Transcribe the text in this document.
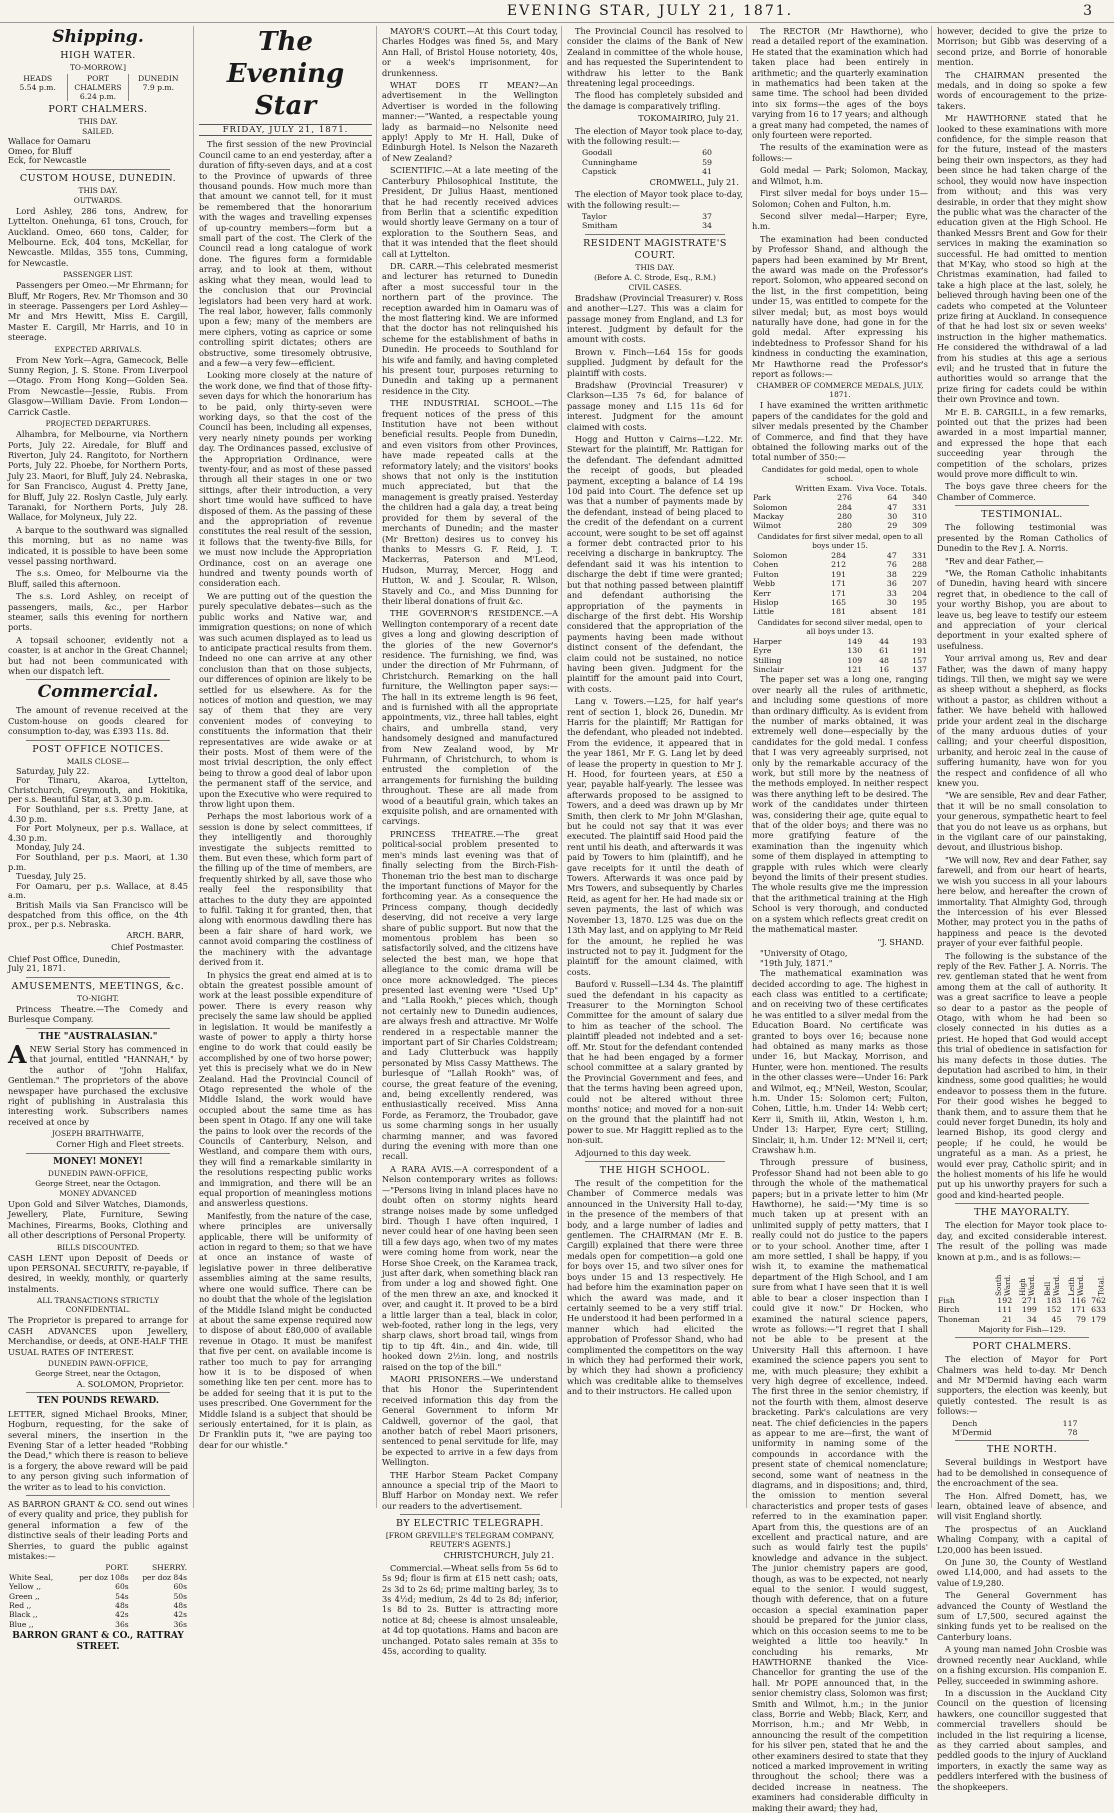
EVENING STAR, JULY 21, 1871.	3
Shipping.
HIGH WATER.
TO-MORROW.]
HEADS
5.54 p.m.
PORT CHALMERS
6.24 p.m.
DUNEDIN
7.9 p.m.
PORT CHALMERS.
THIS DAY.
SAILED.

Wallace for Oamaru

Omeo, for Bluff

Eck, for Newcastle

CUSTOM HOUSE, DUNEDIN.
THIS DAY.
OUTWARDS.

Lord Ashley, 286 tons, Andrew, for Lyttelton. Onehunga, 61 tons, Crouch, for Auckland. Omeo, 660 tons, Calder, for Melbourne. Eck, 404 tons, McKellar, for Newcastle. Mildas, 355 tons, Cumming, for Newcastle.

PASSENGER LIST.

Passengers per Omeo.—Mr Ehrmann; for Bluff, Mr Rogers, Rev. Mr Thomson and 30 in steerage. Passengers per Lord Ashley—Mr and Mrs Hewitt, Miss E. Cargill, Master E. Cargill, Mr Harris, and 10 in steerage.

EXPECTED ARRIVALS.

From New York—Agra, Gamecock, Belle Sunny Region, J. S. Stone. From Liverpool—Otago. From Hong Kong—Golden Sea. From Newcastle—Jessie, Rubis. From Glasgow—William Davie. From London—Carrick Castle.

PROJECTED DEPARTURES.

Alhambra, for Melbourne, via Northern Ports, July 22. Airedale, for Bluff and Riverton, July 24. Rangitoto, for Northern Ports, July 22. Phoebe, for Northern Ports, July 23. Maori, for Bluff, July 24. Nebraska, for San Francisco, August 4. Pretty Jane, for Bluff, July 22. Roslyn Castle, July early. Taranaki, for Northern Ports, July 28. Wallace, for Molyneux, July 22.

A barque to the southward was signalled this morning, but as no name was indicated, it is possible to have been some vessel passing northward.

The s.s. Omeo, for Melbourne via the Bluff, sailed this afternoon.

The s.s. Lord Ashley, on receipt of passengers, mails, &c., per Harbor steamer, sails this evening for northern ports.

A topsail schooner, evidently not a coaster, is at anchor in the Great Channel; but had not been communicated with when our dispatch left.

Commercial.

The amount of revenue received at the Custom-house on goods cleared for consumption to-day, was £393 11s. 8d.

POST OFFICE NOTICES.
MAILS CLOSE—

Saturday, July 22.

For Timaru, Akaroa, Lyttelton, Christchurch, Greymouth, and Hokitika, per s.s. Beautiful Star, at 3.30 p.m.

For Southland, per s.s. Pretty Jane, at 4.30 p.m.

For Port Molyneux, per p.s. Wallace, at 4.30 p.m.

Monday, July 24.

For Southland, per p.s. Maori, at 1.30 p.m.

Tuesday, July 25.

For Oamaru, per p.s. Wallace, at 8.45 a.m.

British Mails via San Francisco will be despatched from this office, on the 4th prox., per p.s. Nebraska.

ARCH. BARR,
Chief Postmaster.

Chief Post Office, Dunedin,

July 21, 1871.

AMUSEMENTS, MEETINGS, &c.
TO-NIGHT.

Princess Theatre.—The Comedy and Burlesque Company.

THE "AUSTRALASIAN."

ANEW Serial Story has commenced in that journal, entitled "HANNAH," by the author of "John Halifax, Gentleman." The proprietors of the above newspaper have purchased the exclusive right of publishing in Australasia this interesting work. Subscribers names received at once by

JOSEPH BRAITHWAITE,
Corner High and Fleet streets.
MONEY! MONEY!
DUNEDIN PAWN-OFFICE,
George Street, near the Octagon.
MONEY ADVANCED

Upon Gold and Silver Watches, Diamonds, Jewellery, Plate, Furniture, Sewing Machines, Firearms, Books, Clothing and all other descriptions of Personal Property.

BILLS DISCOUNTED.

CASH LENT upon Deposit of Deeds or upon PERSONAL SECURITY, re-payable, if desired, in weekly, monthly, or quarterly instalments.

ALL TRANSACTIONS STRICTLY CONFIDENTIAL.

The Proprietor is prepared to arrange for CASH ADVANCES upon Jewellery, Merchandise, or deeds, at ONE-HALF THE USUAL RATES OF INTEREST.

DUNEDIN PAWN-OFFICE,
George Street, near the Octagon,
A. SOLOMON, Proprietor.
TEN POUNDS REWARD.

LETTER, signed Michael Brooks, Miner, Hogburn, requesting, for the sake of several miners, the insertion in the Evening Star of a letter headed "Robbing the Dead," which there is reason to believe is a forgery, the above reward will be paid to any person giving such information of the writer as to lead to his conviction.

AS BARRON GRANT & CO. send out wines of every quality and price, they publish for general information a few of the distinctive seals of their leading Ports and Sherries, to guard the public against mistakes:—

	PORT.	SHERRY.
White Seal,	per doz 108s	per doz 84s
Yellow ,,	60s	60s
Green ,,	54s	50s
Red ,,	48s	48s
Black ,,	42s	42s
Blue ,,	36s	36s
BARRON GRANT & CO., RATTRAY STREET.
The Evening Star
FRIDAY, JULY 21, 1871.

The first session of the new Provincial Council came to an end yesterday, after a duration of fifty-seven days, and at a cost to the Province of upwards of three thousand pounds. How much more than that amount we cannot tell, for it must be remembered that the honorarium with the wages and travelling expenses of up-country members—form but a small part of the cost. The Clerk of the Council read a long catalogue of work done. The figures form a formidable array, and to look at them, without asking what they mean, would lead to the conclusion that our Provincial legislators had been very hard at work. The real labor, however, falls commonly upon a few; many of the members are mere ciphers, voting as caprice or some controlling spirit dictates; others are obstructive, some tiresomely obtrusive, and a few—a very few—efficient.

Looking more closely at the nature of the work done, we find that of those fifty-seven days for which the honorarium has to be paid, only thirty-seven were working days, so that the cost of the Council has been, including all expenses, very nearly ninety pounds per working day. The Ordinances passed, exclusive of the Appropriation Ordinance, were twenty-four, and as most of these passed through all their stages in one or two sittings, after their introduction, a very short time would have sufficed to have disposed of them. As the passing of these and the appropriation of revenue constitutes the real result of the session, it follows that the twenty-five Bills, for we must now include the Appropriation Ordinance, cost on an average one hundred and twenty pounds worth of consideration each.

We are putting out of the question the purely speculative debates—such as the public works and Native war, and immigration questions; on none of which was such acumen displayed as to lead us to anticipate practical results from them. Indeed no one can arrive at any other conclusion than that on those subjects, our differences of opinion are likely to be settled for us elsewhere. As for the notices of motion and question, we may say of them that they are very convenient modes of conveying to constituents the information that their representatives are wide awake or at their posts. Most of them were of the most trivial description, the only effect being to throw a good deal of labor upon the permanent staff of the service, and upon the Executive who were required to throw light upon them.

Perhaps the most laborious work of a session is done by select committees, if they intelligently and thoroughly investigate the subjects remitted to them. But even these, which form part of the filling up of the time of members, are frequently shirked by all, save those who really feel the responsibility that attaches to the duty they are appointed to fulfil. Taking it for granted, then, that along with enormous dawdling there has been a fair share of hard work, we cannot avoid comparing the costliness of the machinery with the advantage derived from it.

In physics the great end aimed at is to obtain the greatest possible amount of work at the least possible expenditure of power. There is every reason why precisely the same law should be applied in legislation. It would be manifestly a waste of power to apply a thirty horse engine to do work that could easily be accomplished by one of two horse power; yet this is precisely what we do in New Zealand. Had the Provincial Council of Otago represented the whole of the Middle Island, the work would have occupied about the same time as has been spent in Otago. If any one will take the pains to look over the records of the Councils of Canterbury, Nelson, and Westland, and compare them with ours, they will find a remarkable similarity in the resolutions respecting public works and immigration, and there will be an equal proportion of meaningless motions and answerless questions.

Manifestly, from the nature of the case, where principles are universally applicable, there will be uniformity of action in regard to them; so that we have at once an instance of waste of legislative power in three deliberative assemblies aiming at the same results, where one would suffice. There can be no doubt that the whole of the legislation of the Middle Island might be conducted at about the same expense required now to dispose of about £80,000 of available revenue in Otago. It must be manifest that five per cent. on available income is rather too much to pay for arranging how it is to be disposed of when something like ten per cent. more has to be added for seeing that it is put to the uses prescribed. One Government for the Middle Island is a subject that should be seriously entertained, for it is plain, as Dr Franklin puts it, "we are paying too dear for our whistle."

MAYOR'S COURT.—At this Court today, Charles Hodges was fined 5s, and Mary Ann Hall, of Bristol House notoriety, 40s, or a week's imprisonment, for drunkenness.

WHAT DOES IT MEAN?—An advertisement in the Wellington Advertiser is worded in the following manner:—"Wanted, a respectable young lady as barmaid—no Nelsonite need apply! Apply to Mr H. Hall, Duke of Edinburgh Hotel. Is Nelson the Nazareth of New Zealand?

SCIENTIFIC.—At a late meeting of the Canterbury Philosophical Institute, the President, Dr Julius Haast, mentioned that he had recently received advices from Berlin that a scientific expedition would shortly leave Germany on a tour of exploration to the Southern Seas, and that it was intended that the fleet should call at Lyttelton.

DR. CARR.—This celebrated mesmerist and lecturer has returned to Dunedin after a most successful tour in the northern part of the province. The reception awarded him in Oamaru was of the most flattering kind. We are informed that the doctor has not relinquished his scheme for the establishment of baths in Dunedin. He proceeds to Southland for his wife and family, and having completed his present tour, purposes returning to Dunedin and taking up a permanent residence in the City.

THE INDUSTRIAL SCHOOL.—The frequent notices of the press of this Institution have not been without beneficial results. People from Dunedin, and even visitors from other Provinces, have made repeated calls at the reformatory lately; and the visitors' books shows that not only is the institution much appreciated, but that the management is greatly praised. Yesterday the children had a gala day, a treat being provided for them by several of the merchants of Dunedin; and the master (Mr Bretton) desires us to convey his thanks to Messrs G. F. Reid, J. T. Mackerras, Paterson and M'Leod, Hudson, Murray, Mercer, Hogg and Hutton, W. and J. Scoular, R. Wilson, Stavely and Co., and Miss Dunning for their liberal donations of fruit &c.

THE GOVERNOR'S RESIDENCE.—A Wellington contemporary of a recent date gives a long and glowing description of the glories of the new Governor's residence. The furnishing, we find, was under the direction of Mr Fuhrmann, of Christchurch. Remarking on the hall furniture, the Wellington paper says:—The hall in its extreme length is 96 feet, and is furnished with all the appropriate appointments, viz., three hall tables, eight chairs, and umbrella stand, very handsomely designed and manufactured from New Zealand wood, by Mr Fuhrmann, of Christchurch, to whom is entrusted the completion of the arrangements for furnishing the building throughout. These are all made from wood of a beautiful grain, which takes an exquisite polish, and are ornamented with carvings.

PRINCESS THEATRE.—The great political-social problem presented to men's minds last evening was that of finally selecting from the Birch-Fish-Thoneman trio the best man to discharge the important functions of Mayor for the forthcoming year. As a consequence the Princess company, though decidedly deserving, did not receive a very large share of public support. But now that the momentous problem has been so satisfactorily solved, and the citizens have selected the best man, we hope that allegiance to the comic drama will be once more acknowledged. The pieces presented last evening were "Used Up" and "Lalla Rookh," pieces which, though not certainly new to Dunedin audiences, are always fresh and attractive. Mr Wolfe rendered in a respectable manner the important part of Sir Charles Coldstream; and Lady Clutterbuck was happily personated by Miss Cassy Matthews. The burlesque of "Lallah Rookh" was, of course, the great feature of the evening, and, being excellently rendered, was enthusiastically received. Miss Anna Forde, as Feramorz, the Troubador, gave us some charming songs in her usually charming manner, and was favored during the evening with more than one recall.

A RARA AVIS.—A correspondent of a Nelson contemporary writes as follows:—"Persons living in inland places have no doubt often on stormy nights heard strange noises made by some unfledged bird. Though I have often inquired, I never could hear of one having been seen till a few days ago, when two of my mates were coming home from work, near the Horse Shoe Creek, on the Karamea track, just after dark, when something black ran from under a log and showed fight. One of the men threw an axe, and knocked it over, and caught it. It proved to be a bird a little larger than a teal, black in color, web-footed, rather long in the legs, very sharp claws, short broad tail, wings from tip to tip 4ft. 4in., and 4in. wide, till hooked down 2½in. long, and nostrils raised on the top of the bill."

MAORI PRISONERS.—We understand that his Honor the Superintendent received information this day from the General Government to inform Mr Caldwell, governor of the gaol, that another batch of rebel Maori prisoners, sentenced to penal servitude for life, may be expected to arrive in a few days from Wellington.

THE Harbor Steam Packet Company announce a special trip of the Maori to Bluff Harbor on Monday next. We refer our readers to the advertisement.

BY ELECTRIC TELEGRAPH.
[FROM GREVILLE'S TELEGRAM COMPANY, REUTER'S AGENTS.]
CHRISTCHURCH, July 21.

Commercial.—Wheat sells from 5s 6d to 5s 9d; flour is firm at £15 nett cash; oats, 2s 3d to 2s 6d; prime malting barley, 3s to 3s 4½d; medium, 2s 4d to 2s 8d; inferior, 1s 8d to 2s. Butter is attracting more notice at 8d; cheese is almost unsaleable, at 4d top quotations. Hams and bacon are unchanged. Potato sales remain at 35s to 45s, according to quality.

The Provincial Council has resolved to consider the claims of the Bank of New Zealand in committee of the whole house, and has requested the Superintendent to withdraw his letter to the Bank threatening legal proceedings.

The flood has completely subsided and the damage is comparatively trifling.

TOKOMAIRIRO, July 21.

The election of Mayor took place to-day, with the following result:—

Goodall	60
Cunninghame	59
Capstick	41
CROMWELL, July 21.

The election of Mayor took place to-day, with the following result:—

Taylor	37
Smitham	34
RESIDENT MAGISTRATE'S COURT.
THIS DAY.
(Before A. C. Strode, Esq., R.M.)
CIVIL CASES.

Bradshaw (Provincial Treasurer) v. Ross and another—L27. This was a claim for passage money from England, and L3 for interest. Judgment by default for the amount with costs.

Brown v. Finch—L64 15s for goods supplied. Judgment by default for the plaintiff with costs.

Bradshaw (Provincial Treasurer) v Clarkson—L35 7s 6d, for balance of passage money and L15 11s 6d for interest. Judgment for the amount claimed with costs.

Hogg and Hutton v Cairns—L22. Mr. Stewart for the plaintiff, Mr. Rattigan for the defendant. The defendant admitted the receipt of goods, but pleaded payment, excepting a balance of L4 19s 10d paid into Court. The defence set up was that a number of payments made by the defendant, instead of being placed to the credit of the defendant on a current account, were sought to be set off against a former debt contracted prior to his receiving a discharge in bankruptcy. The defendant said it was his intention to discharge the debt if time were granted; but that nothing passed between plaintiff and defendant authorising the appropriation of the payments in discharge of the first debt. His Worship considered that the appropriation of the payments having been made without distinct consent of the defendant, the claim could not be sustained, no notice having been given. Judgment for the plaintiff for the amount paid into Court, with costs.

Lang v. Towers.—L25, for half year's rent of section 1, block 26, Dunedin. Mr Harris for the plaintiff; Mr Rattigan for the defendant, who pleaded not indebted. From the evidence, it appeared that in the year 1861, Mr F. G. Lang let by deed of lease the property in question to Mr J. H. Hood, for fourteen years, at £50 a year, payable half-yearly. The lessee was afterwards proposed to be assigned to Towers, and a deed was drawn up by Mr Smith, then clerk to Mr John M'Glashan, but he could not say that it was ever executed. The plaintiff said Hood paid the rent until his death, and afterwards it was paid by Towers to him (plaintiff), and he gave receipts for it until the death of Towers. Afterwards it was once paid by Mrs Towers, and subsequently by Charles Reid, as agent for her. He had made six or seven payments, the last of which was November 13, 1870. L25 was due on the 13th May last, and on applying to Mr Reid for the amount, he replied he was instructed not to pay it. Judgment for the plaintiff for the amount claimed, with costs.

Bauford v. Russell—L34 4s. The plaintiff sued the defendant in his capacity as Treasurer to the Mornington School Committee for the amount of salary due to him as teacher of the school. The plaintiff pleaded not indebted and a set-off. Mr. Stout for the defendant contended that he had been engaged by a former school committee at a salary granted by the Provincial Government and fees, and that the terms having been agreed upon, could not be altered without three months' notice; and moved for a non-suit on the ground that the plaintiff had not power to sue. Mr Haggitt replied as to the non-suit.

Adjourned to this day week.

THE HIGH SCHOOL.

The result of the competition for the Chamber of Commerce medals was announced in the University Hall to-day, in the presence of the members of that body, and a large number of ladies and gentlemen. The CHAIRMAN (Mr E. B. Cargill) explained that there were three medals open for competition—a gold one for boys over 15, and two silver ones for boys under 15 and 13 respectively. He had before him the examination paper on which the award was made, and it certainly seemed to be a very stiff trial. He understood it had been performed in a manner which had elicited the approbation of Professor Shand, who had complimented the competitors on the way in which they had performed their work, by which they had shown a proficiency which was creditable alike to themselves and to their instructors. He called upon

The RECTOR (Mr Hawthorne), who read a detailed report of the examination. He stated that the examination which had taken place had been entirely in arithmetic; and the quarterly examination in mathematics had been taken at the same time. The school had been divided into six forms—the ages of the boys varying from 16 to 17 years; and although a great many had competed, the names of only fourteen were reported.

The results of the examination were as follows:—

Gold medal — Park; Solomon, Mackay, and Wilmot, h.m.

First silver medal for boys under 15—Solomon; Cohen and Fulton, h.m.

Second silver medal—Harper; Eyre, h.m.

The examination had been conducted by Professor Shand, and although the papers had been examined by Mr Brent, the award was made on the Professor's report. Solomon, who appeared second on the list, in the first competition, being under 15, was entitled to compete for the silver medal; but, as most boys would naturally have done, had gone in for the gold medal. After expressing his indebtedness to Professor Shand for his kindness in conducting the examination, Mr Hawthorne read the Professor's report as follows:—

CHAMBER OF COMMERCE MEDALS, JULY, 1871.

I have examined the written arithmetic papers of the candidates for the gold and silver medals presented by the Chamber of Commerce, and find that they have obtained the following marks out of the total number of 350:—

Candidates for gold medal, open to whole school.
	Written Exam.	Viva Voce.	Totals.
Park	276	64	340
Solomon	284	47	331
Mackay	280	30	310
Wilmot	280	29	309
Candidates for first silver medal, open to all boys under 15.
Solomon	284	47	331
Cohen	212	76	288
Fulton	191	38	229
Webb	171	36	207
Kerr	171	33	204
Hislop	165	30	195
Little	181	absent	181
Candidates for second silver medal, open to all boys under 13.
Harper	149	44	193
Eyre	130	61	191
Stilling	109	48	157
Sinclair	121	16	137

The paper set was a long one, ranging over nearly all the rules of arithmetic, and including some questions of more than ordinary difficulty. As is evident from the number of marks obtained, it was extremely well done—especially by the candidates for the gold medal. I confess that I was very agreeably surprised, not only by the remarkable accuracy of the work, but still more by the neatness of the methods employed. In neither respect was there anything left to be desired. The work of the candidates under thirteen was, considering their age, quite equal to that of the older boys; and there was no more gratifying feature of the examination than the ingenuity which some of them displayed in attempting to grapple with rules which were clearly beyond the limits of their present studies. The whole results give me the impression that the arithmetical training at the High School is very thorough, and conducted on a system which reflects great credit on the mathematical master.

"J. SHAND.

"University of Otago,

"19th July, 1871."

The mathematical examination was decided according to age. The highest in each class was entitled to a certificate; and on receiving two of these certificates he was entitled to a silver medal from the Education Board. No certificate was granted to boys over 16; because none had obtained as many marks as those under 16, but Mackay, Morrison, and Hunter, were hon. mentioned. The results in the other classes were—Under 16: Park and Wilmot, eq.; M'Neil, Weston, Scoular, h.m. Under 15: Solomon cert; Fulton, Cohen, Little, h.m. Under 14: Webb cert; Kerr ii, Smith iii, Atkin, Weston i, h.m. Under 13: Harper, Eyre cert; Stilling, Sinclair, ii, h.m. Under 12: M'Neil ii, cert; Crawshaw h.m.

Through pressure of business, Professor Shand had not been able to go through the whole of the mathematical papers; but in a private letter to him (Mr Hawthorne), he said:—"My time is so much taken up at present with an unlimited supply of petty matters, that I really could not do justice to the papers or to your school. Another time, after I am more settled, I shall be happy, if you wish it, to examine the mathematical department of the High School, and I am sure from what I have seen that it is well able to bear a closer inspection than I could give it now." Dr Hocken, who examined the natural science papers, wrote as follows:—"I regret that I shall not be able to be present at the University Hall this afternoon. I have examined the science papers you sent to me, with much pleasure; they exhibit a very high degree of excellence, indeed. The first three in the senior chemistry, if not the fourth with them, almost deserve bracketing. Park's calculations are very neat. The chief deficiencies in the papers as appear to me are—first, the want of uniformity in naming some of the compounds in accordance with the present state of chemical nomenclature; second, some want of neatness in the diagrams, and in dispositions; and, third, the omission to mention several characteristics and proper tests of gases referred to in the examination paper. Apart from this, the questions are of an excellent and practical nature, and are such as would fairly test the pupils' knowledge and advance in the subject. The junior chemistry papers are good, though, as was to be expected, not nearly equal to the senior. I would suggest, though with deference, that on a future occasion a special examination paper should be prepared for the junior class, which on this occasion seems to me to be weighted a little too heavily." In concluding his remarks, Mr HAWTHORNE thanked the Vice-Chancellor for granting the use of the hall. Mr POPE announced that, in the senior chemistry class, Solomon was first; Smith and Wilmot, h.m.; in the junior class, Borrie and Webb; Black, Kerr, and Morrison, h.m.; and Mr Webb, in announcing the result of the competition for his silver pen, stated that he and the other examiners desired to state that they noticed a marked improvement in writing throughout the school; there was a decided increase in neatness. The examiners had considerable difficulty in making their award; they had,

however, decided to give the prize to Morrison; but Gibb was deserving of a second prize, and Borrie of honorable mention.

The CHAIRMAN presented the medals, and in doing so spoke a few words of encouragement to the prize-takers.

Mr HAWTHORNE stated that he looked to these examinations with more confidence, for the simple reason that for the future, instead of the masters being their own inspectors, as they had been since he had taken charge of the school, they would now have inspection from without; and this was very desirable, in order that they might show the public what was the character of the education given at the High School. He thanked Messrs Brent and Gow for their services in making the examination so successful. He had omitted to mention that M'Kay, who stood so high at the Christmas examination, had failed to take a high place at the last, solely, he believed through having been one of the cadets who competed at the Volunteer prize firing at Auckland. In consequence of that he had lost six or seven weeks' instruction in the higher mathematics. He considered the withdrawal of a lad from his studies at this age a serious evil; and he trusted that in future the authorities would so arrange that the prize firing for cadets could be within their own Province and town.

Mr E. B. CARGILL, in a few remarks, pointed out that the prizes had been awarded in a most impartial manner, and expressed the hope that each succeeding year through the competition of the scholars, prizes would prove more difficult to win.

The boys gave three cheers for the Chamber of Commerce.

TESTIMONIAL.

The following testimonial was presented by the Roman Catholics of Dunedin to the Rev J. A. Norris.

"Rev and dear Father,—

"We, the Roman Catholic inhabitants of Dunedin, having heard with sincere regret that, in obedience to the call of your worthy Bishop, you are about to leave us, beg leave to testify our esteem and appreciation of your clerical deportment in your exalted sphere of usefulness.

Your arrival among us, Rev and dear Father, was the dawn of many happy tidings. Till then, we might say we were as sheep without a shepherd, as flocks without a pastor, as children without a father. We have beheld with hallowed pride your ardent zeal in the discharge of the many arduous duties of your calling; and your cheerful disposition, urbanity, and heroic zeal in the cause of suffering humanity, have won for you the respect and confidence of all who knew you.

"We are sensible, Rev and dear Father, that it will be no small consolation to your generous, sympathetic heart to feel that you do not leave us as orphans, but in the vigilant care of our painstaking, devout, and illustrious bishop.

"We will now, Rev and dear Father, say farewell, and from our heart of hearts, we wish you success in all your labours here below, and hereafter the crown of immortality. That Almighty God, through the intercession of his ever Blessed Mother, may protect you in the paths of happiness and peace is the devoted prayer of your ever faithful people.

The following is the substance of the reply of the Rev. Father J. A. Norris. The rev. gentleman stated that he went from among them at the call of authority. It was a great sacrifice to leave a people so dear to a pastor as the people of Otago, with whom he had been so closely connected in his duties as a priest. He hoped that God would accept this trial of obedience in satisfaction for his many defects in those duties. The deputation had ascribed to him, in their kindness, some good qualities; he would endeavor to possess them in the future. For their good wishes he begged to thank them, and to assure them that he could never forget Dunedin, its holy and learned Bishop, its good clergy and people; if he could, he would be ungrateful as a man. As a priest, he would ever pray, Catholic spirit; and in the holiest moments of his life he would put up his unworthy prayers for such a good and kind-hearted people.

THE MAYORALTY.

The election for Mayor took place to-day, and excited considerable interest. The result of the polling was made known at p.m., and is as follows:—

	South Ward.	High Ward.	Bell Ward.	Leith Ward.	Total.
Fish	192	271	183	116	762
Birch	111	199	152	171	633
Thoneman	21	34	45	79	179
Majority for Fish—129.
PORT CHALMERS.

The election of Mayor for Port Chalmers was held to-day. Mr Dench and Mr M'Dermid having each warm supporters, the election was keenly, but quietly contested. The result is as follows:—

Dench	117
M'Dermid	78
THE NORTH.

Several buildings in Westport have had to be demolished in consequence of the encroachment of the sea.

The Hon. Alfred Domett, has, we learn, obtained leave of absence, and will visit England shortly.

The prospectus of an Auckland Whaling Company, with a capital of L20,000 has been issued.

On June 30, the County of Westland owed L14,000, and had assets to the value of L9,280.

The General Government has advanced the County of Westland the sum of L7,500, secured against the sinking funds yet to be realised on the Canterbury loans.

A young man named John Crosbie was drowned recently near Auckland, while on a fishing excursion. His companion E. Pelley, succeeded in swimming ashore.

In a discussion in the Auckland City Council on the question of licensing hawkers, one councillor suggested that commercial travellers should be included in the list requiring a license, as they carried about samples, and peddled goods to the injury of Auckland importers, in exactly the same way as peddlers interfered with the business of the shopkeepers.
